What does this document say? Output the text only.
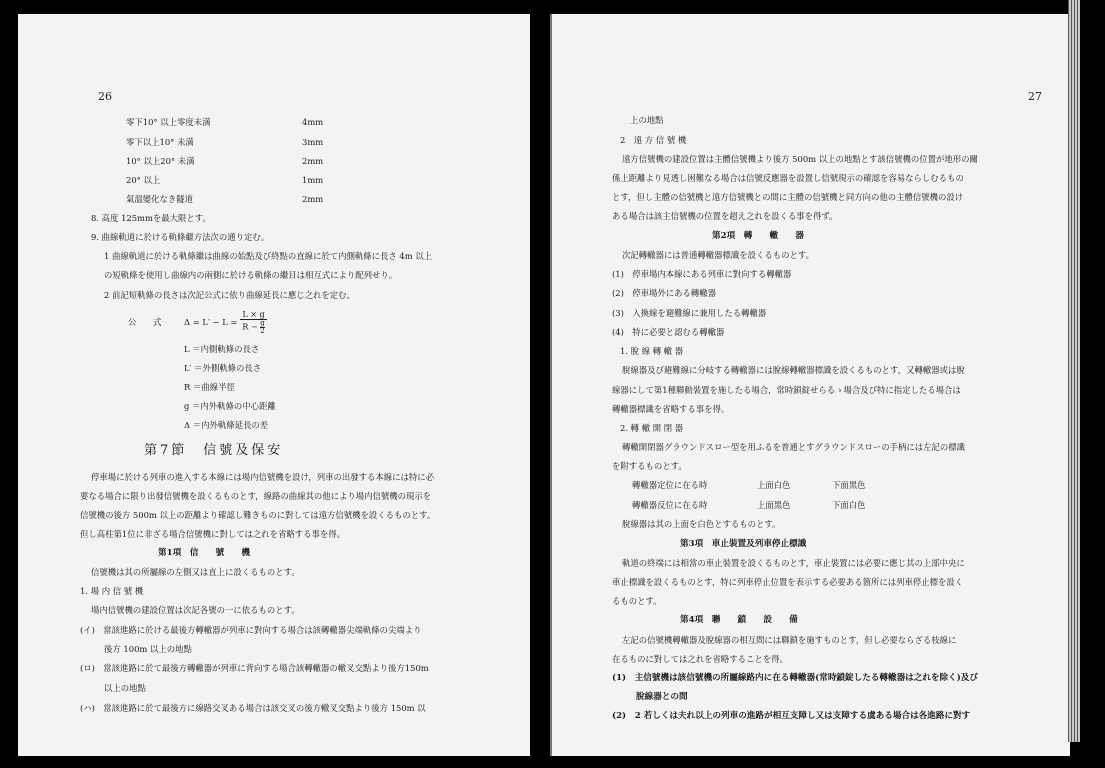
26
零下10° 以上零度未満	4mm
零下以上10° 未満	3mm
10° 以上20° 未満	2mm
20° 以上	1mm
氣溫變化なき隧道	2mm
8. 高度 125mmを最大限とす。
9. 曲線軌道に於ける軌條繼方法次の通り定む。
1 曲線軌道に於ける軌條繼は曲線の始點及び終點の直線に於て内側軌條に長さ 4m 以上
の短軌條を使用し曲線内の兩側に於ける軌條の繼目は相互式により配列せり。
2 前記短軌條の長さは次記公式に依り曲線延長に應じ之れを定む。
公　　式	$\Delta = L' - L = \frac{L \times g}{R - \frac{g}{2}}$
L ＝内側軌條の長さ
L′ ＝外側軌條の長さ
R ＝曲線半徑
g ＝内外軌條の中心距離
Δ ＝内外軌條延長の差
第7節　信號及保安
停車場に於ける列車の進入する本線には場内信號機を設け，列車の出發する本線には特に必
要なる場合に限り出發信號機を設くるものとす，線路の曲線其の他により場内信號機の現示を
信號機の後方 500m 以上の距離より確認し難きものに對しては遠方信號機を設くるものとす。
但し高柱第1位に非ざる場合信號機に對しては之れを省略する事を得。
第1項　信　　號　　機
信號機は其の所屬線の左側又は直上に設くるものとす。
1. 場 内 信 號 機
場内信號機の建設位置は次記各號の一に依るものとす。
(イ)　當該進路に於ける最後方轉轍器が列車に對向する場合は該轉轍器尖端軌條の尖端より
後方 100m 以上の地點
(ロ)　當該進路に於て最後方轉轍器が列車に背向する場合該轉轍器の轍叉交點より後方150m
以上の地點
(ハ)　當該進路に於て最後方に線路交叉ある場合は該交叉の後方轍叉交點より後方 150m 以
27
上の地點
2　遠 方 信 號 機
遠方信號機の建設位置は主體信號機より後方 500m 以上の地點とす該信號機の位置が地形の關
係上距離より見透し困難なる場合は信號反應器を設置し信號現示の確認を容易ならしむるもの
とす，但し主體の信號機と遠方信號機との間に主體の信號機と同方向の他の主體信號機の設け
ある場合は該主信號機の位置を超え之れを設くる事を得ず。
第2項　轉　　轍　　器
次記轉轍器には普通轉轍器標識を設くるものとす。
(1)　停車場内本線にある列車に對向する轉轍器
(2)　停車場外にある轉轍器
(3)　入換線を避難線に兼用したる轉轍器
(4)　特に必要と認むる轉轍器
1. 脫 線 轉 轍 器
脫線器及び避難線に分岐する轉轍器には脫線轉轍器標識を設くるものとす，又轉轍器或は脫
線器にして第1種聯動裝置を施したる場合，常時鎖錠せらるゝ場合及び特に指定したる場合は
轉轍器標識を省略する事を得。
2. 轉 轍 開 閉 器
轉轍開閉器グラウンドスロー型を用ふるを普通とすグラウンドスローの手柄には左記の標識
を附するものとす。
轉轍器定位に在る時	上面白色	下面黑色
轉轍器反位に在る時	上面黑色	下面白色
脫線器は其の上面を白色とするものとす。
第3項　車止裝置及列車停止標識
軌道の終端には相當の車止裝置を設くるものとす，車止裝置には必要に應じ其の上部中央に
車止標識を設くるものとす，特に列車停止位置を表示する必要ある箇所には列車停止標を設く
るものとす。
第4項　聯　　鎖　　設　　備
左記の信號機轉轍器及脫線器の相互間には聯鎖を施すものとす，但し必要ならざる枝線に
在るものに對しては之れを省略することを得。
(1)　主信號機は該信號機の所屬線路内に在る轉轍器(常時鎖錠したる轉轍器は之れを除く)及び
脫線器との間
(2)　2 若しくは夫れ以上の列車の進路が相互支障し又は支障する虞ある場合は各進路に對す
